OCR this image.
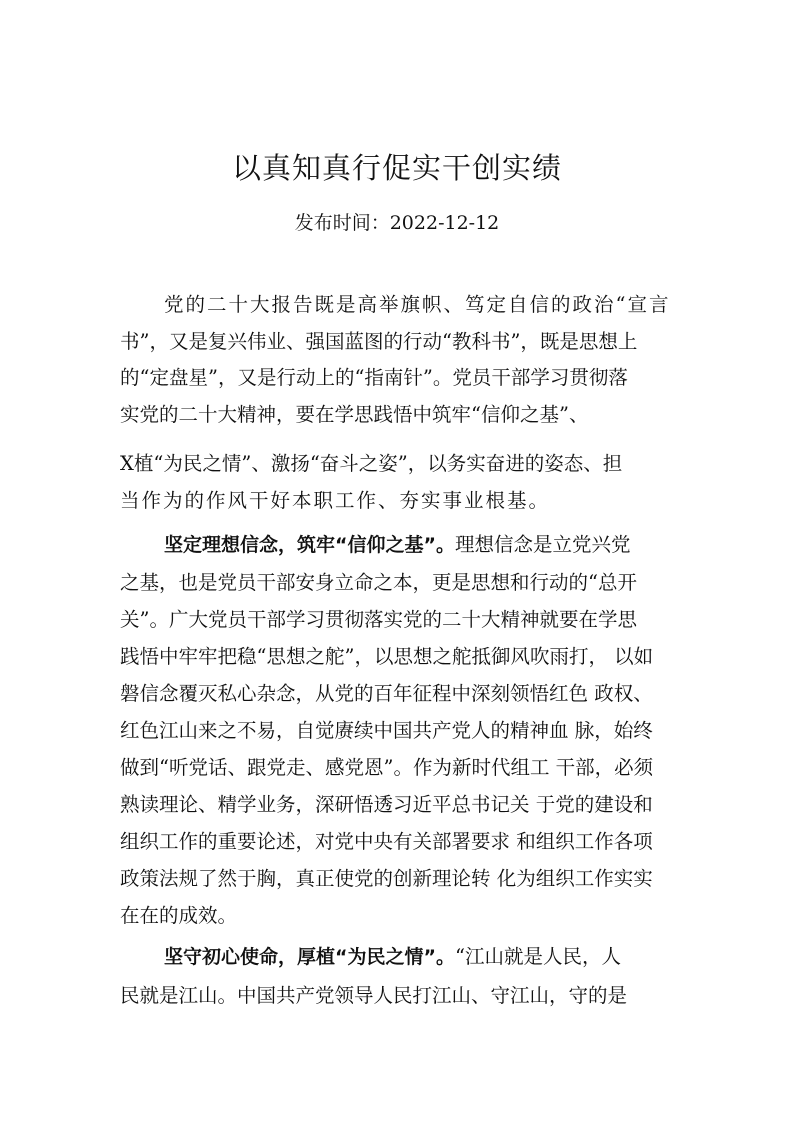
以真知真行促实干创实绩
发布时间：2022-12-12
党的二十大报告既是高举旗帜、笃定自信的政治“宣言
书”，又是复兴伟业、强国蓝图的行动“教科书”，既是思想上
的“定盘星”，又是行动上的“指南针”。党员干部学习贯彻落
实党的二十大精神，要在学思践悟中筑牢“信仰之基”、
X植“为民之情”、激扬“奋斗之姿”，以务实奋进的姿态、担
当作为的作风干好本职工作、夯实事业根基。
坚定理想信念，筑牢“信仰之基”。理想信念是立党兴党
之基，也是党员干部安身立命之本，更是思想和行动的“总开
关”。广大党员干部学习贯彻落实党的二十大精神就要在学思
践悟中牢牢把稳“思想之舵”，以思想之舵抵御风吹雨打， 以如
磐信念覆灭私心杂念，从党的百年征程中深刻领悟红色 政权、
红色江山来之不易，自觉赓续中国共产党人的精神血 脉，始终
做到“听党话、跟党走、感党恩”。作为新时代组工 干部，必须
熟读理论、精学业务，深研悟透习近平总书记关 于党的建设和
组织工作的重要论述，对党中央有关部署要求 和组织工作各项
政策法规了然于胸，真正使党的创新理论转 化为组织工作实实
在在的成效。
坚守初心使命，厚植“为民之情”。“江山就是人民，人
民就是江山。中国共产党领导人民打江山、守江山，守的是
